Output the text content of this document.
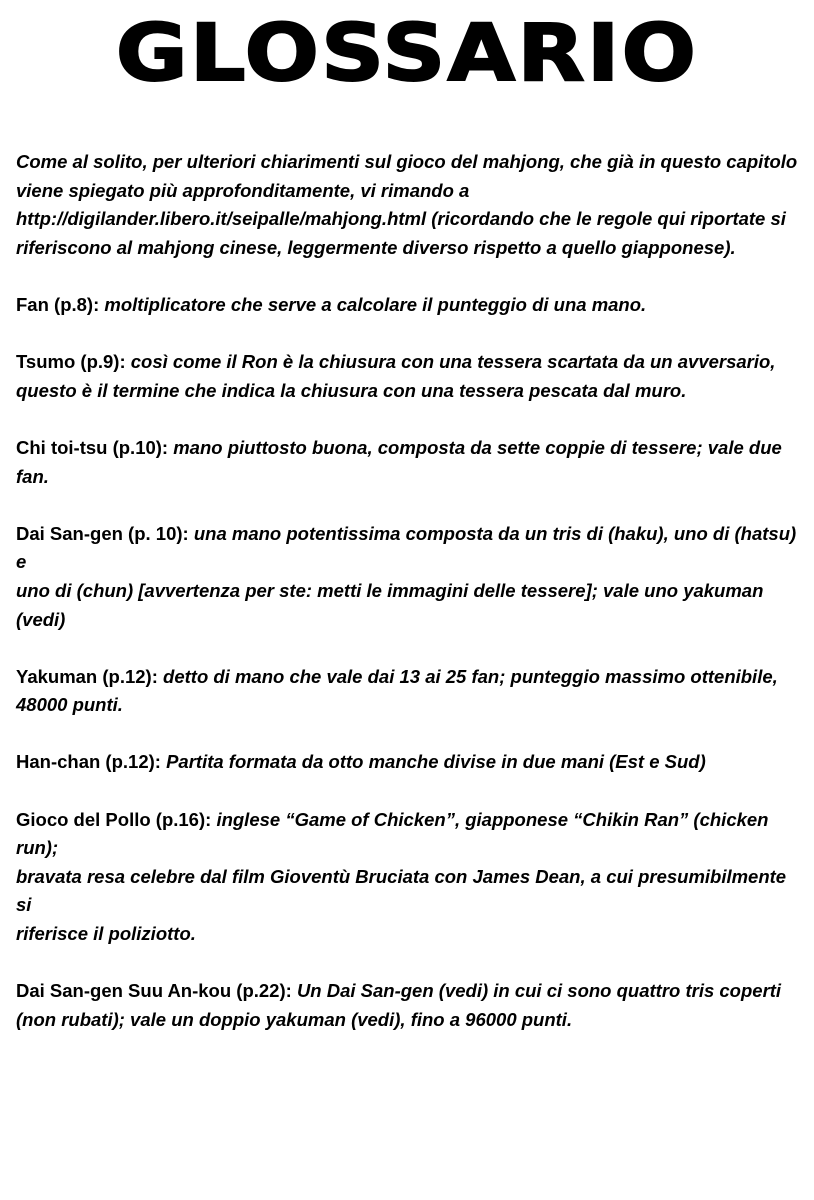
GLOSSARIO
Come al solito, per ulteriori chiarimenti sul gioco del mahjong, che già in questo capitolo
viene spiegato più approfonditamente, vi rimando a
http://digilander.libero.it/seipalle/mahjong.html (ricordando che le regole qui riportate si
riferiscono al mahjong cinese, leggermente diverso rispetto a quello giapponese).
Fan (p.8): moltiplicatore che serve a calcolare il punteggio di una mano.
Tsumo (p.9): così come il Ron è la chiusura con una tessera scartata da un avversario,
questo è il termine che indica la chiusura con una tessera pescata dal muro.
Chi toi-tsu (p.10): mano piuttosto buona, composta da sette coppie di tessere; vale due fan.
Dai San-gen (p. 10): una mano potentissima composta da un tris di (haku), uno di (hatsu) e
uno di (chun) [avvertenza per ste: metti le immagini delle tessere]; vale uno yakuman (vedi)
Yakuman (p.12): detto di mano che vale dai 13 ai 25 fan; punteggio massimo ottenibile,
48000 punti.
Han-chan (p.12): Partita formata da otto manche divise in due mani (Est e Sud)
Gioco del Pollo (p.16): inglese “Game of Chicken”, giapponese “Chikin Ran” (chicken run);
bravata resa celebre dal film Gioventù Bruciata con James Dean, a cui presumibilmente si
riferisce il poliziotto.
Dai San-gen Suu An-kou (p.22): Un Dai San-gen (vedi) in cui ci sono quattro tris coperti
(non rubati); vale un doppio yakuman (vedi), fino a 96000 punti.
